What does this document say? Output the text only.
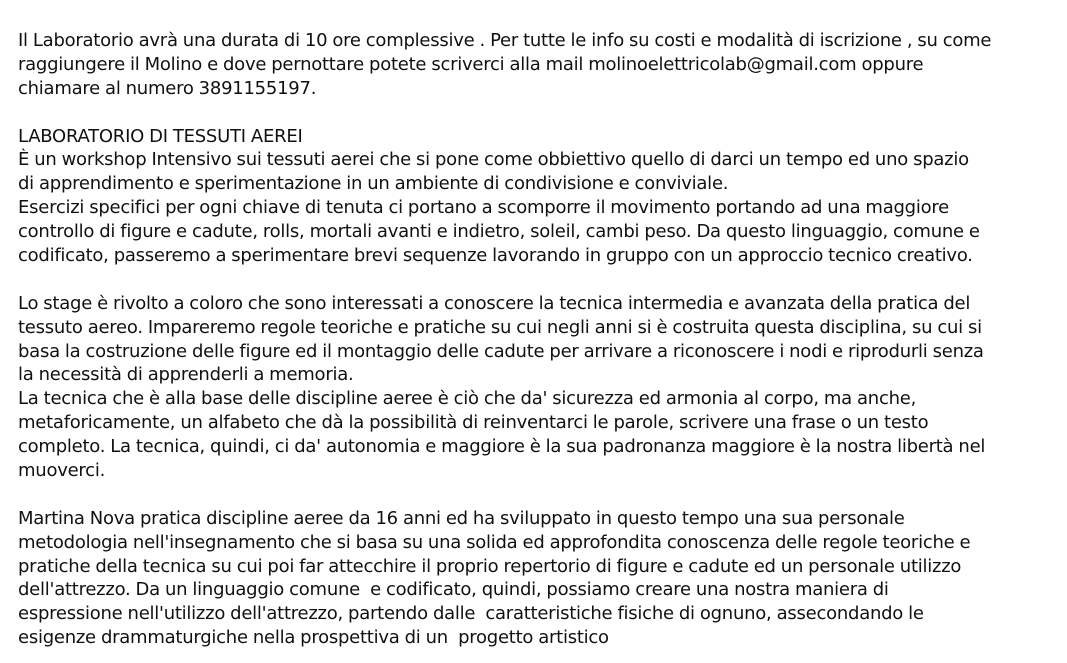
Il Laboratorio avrà una durata di 10 ore complessive . Per tutte le info su costi e modalità di iscrizione , su come
raggiungere il Molino e dove pernottare potete scriverci alla mail molinoelettricolab@gmail.com oppure
chiamare al numero 3891155197.
LABORATORIO DI TESSUTI AEREI
È un workshop Intensivo sui tessuti aerei che si pone come obbiettivo quello di darci un tempo ed uno spazio
di apprendimento e sperimentazione in un ambiente di condivisione e conviviale.
Esercizi specifici per ogni chiave di tenuta ci portano a scomporre il movimento portando ad una maggiore
controllo di figure e cadute, rolls, mortali avanti e indietro, soleil, cambi peso. Da questo linguaggio, comune e
codificato, passeremo a sperimentare brevi sequenze lavorando in gruppo con un approccio tecnico creativo.
Lo stage è rivolto a coloro che sono interessati a conoscere la tecnica intermedia e avanzata della pratica del
tessuto aereo. Impareremo regole teoriche e pratiche su cui negli anni si è costruita questa disciplina, su cui si
basa la costruzione delle figure ed il montaggio delle cadute per arrivare a riconoscere i nodi e riprodurli senza
la necessità di apprenderli a memoria.
La tecnica che è alla base delle discipline aeree è ciò che da' sicurezza ed armonia al corpo, ma anche,
metaforicamente, un alfabeto che dà la possibilità di reinventarci le parole, scrivere una frase o un testo
completo. La tecnica, quindi, ci da' autonomia e maggiore è la sua padronanza maggiore è la nostra libertà nel
muoverci.
Martina Nova pratica discipline aeree da 16 anni ed ha sviluppato in questo tempo una sua personale
metodologia nell'insegnamento che si basa su una solida ed approfondita conoscenza delle regole teoriche e
pratiche della tecnica su cui poi far attecchire il proprio repertorio di figure e cadute ed un personale utilizzo
dell'attrezzo. Da un linguaggio comune  e codificato, quindi, possiamo creare una nostra maniera di
espressione nell'utilizzo dell'attrezzo, partendo dalle  caratteristiche fisiche di ognuno, assecondando le
esigenze drammaturgiche nella prospettiva di un  progetto artistico
